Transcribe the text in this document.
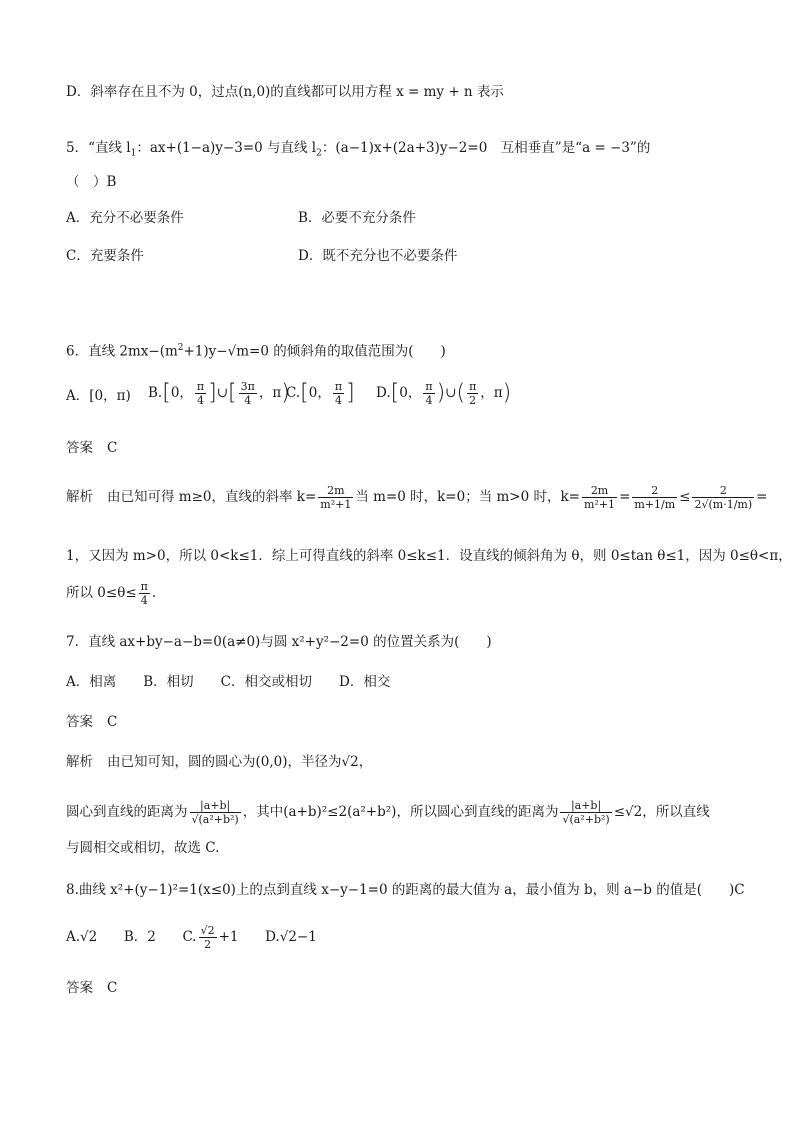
D．斜率存在且不为 0，过点(n,0)的直线都可以用方程 x = my + n 表示
5．“直线 $l_1$：ax+(1−a)y−3=0 与直线 $l_2$：(a−1)x+(2a+3)y−2=0　互相垂直”是“a = −3”的
（　）B
A．充分不必要条件	B．必要不充分条件
C．充要条件	D．既不充分也不必要条件
6．直线 $2mx-(m^2+1)y-√m=0$ 的倾斜角的取值范围为(　　)
A．[0，π) B.[0， $\frac{\pi}{4}$ ]∪[ $\frac{3\pi}{4}$ ，π)
C.[0， $\frac{\pi}{4}$ ] D.[0， $\frac{\pi}{4}$ )∪( $\frac{\pi}{2}$ ，π)
答案 C
解析 由已知可得 m≥0，直线的斜率 $k= \frac{2m}{\text{m²+1}}$ 当 m=0 时，k=0；当 m>0 时，$k= \frac{2m}{\text{m²+1}} = \frac{2}{m+1/m} \le \frac{2}{2√(m\cdot 1/m)}$ =
1，又因为 m>0，所以 0<k≤1．综上可得直线的斜率 0≤k≤1．设直线的倾斜角为 θ，则 0≤tan θ≤1，因为 0≤θ<π，
所以 $0\le\theta\le \frac{\pi}{4}$ .
7．直线 ax+by−a−b=0(a≠0)与圆 x²+y²−2=0 的位置关系为(　　)
A．相离　　B．相切　　C．相交或相切　　D．相交
答案 C
解析 由已知可知，圆的圆心为(0,0)，半径为√2，
圆心到直线的距离为 $\frac{|a+b|}{\text{√(a²+b²)}}$ ，其中(a+b)²≤2(a²+b²)，所以圆心到直线的距离为 $\frac{|a+b|}{\text{√(a²+b²)}} \le√2$，所以直线
与圆相交或相切，故选 C.
8.曲线 x²+(y−1)²=1(x≤0)上的点到直线 x−y−1=0 的距离的最大值为 a，最小值为 b，则 a−b 的值是(　　)C
A.√2 B．2 C. $\frac{√2}{2} +1$ D.√2−1
答案 C
